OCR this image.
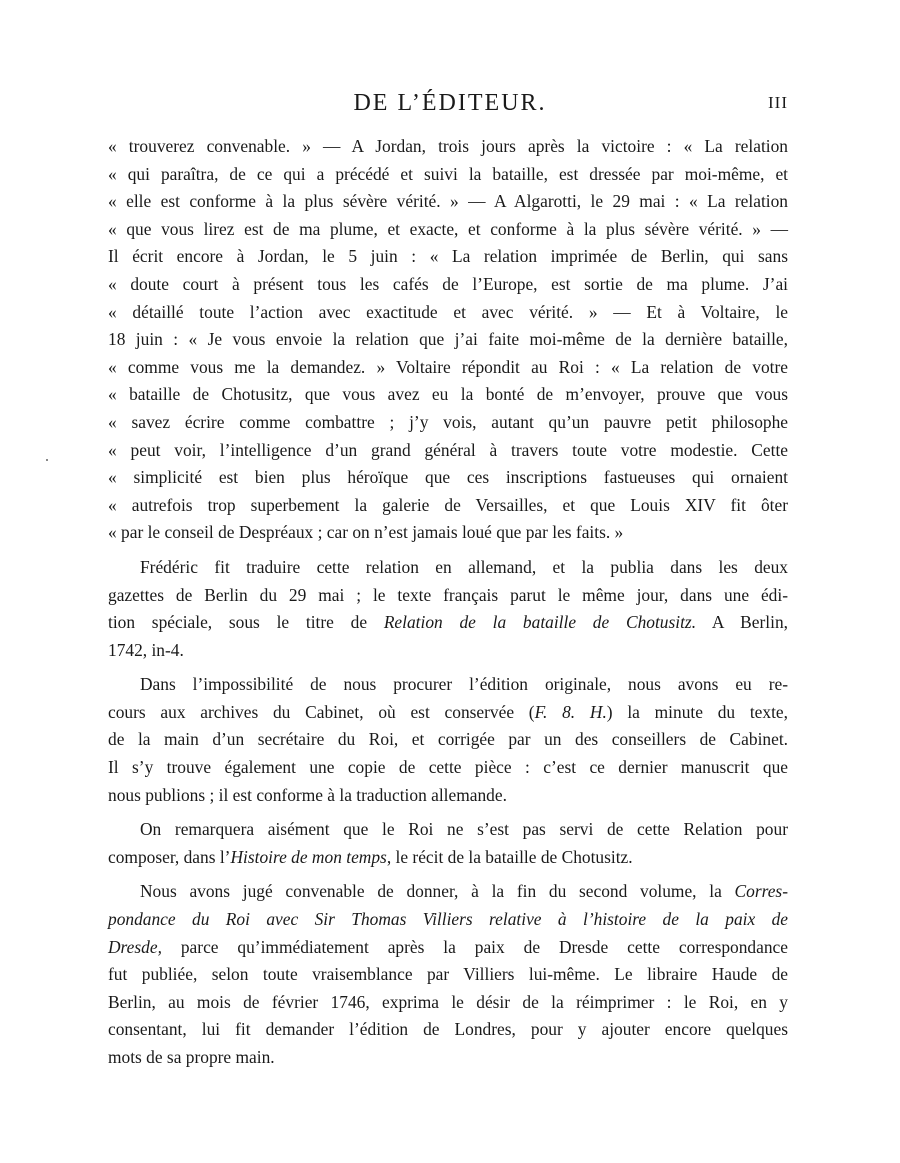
DE L’ÉDITEUR.	III
« trouverez convenable. » — A Jordan, trois jours après la victoire : « La relation
« qui paraîtra, de ce qui a précédé et suivi la bataille, est dressée par moi-même, et
« elle est conforme à la plus sévère vérité. » — A Algarotti, le 29 mai : « La relation
« que vous lirez est de ma plume, et exacte, et conforme à la plus sévère vérité. » —
Il écrit encore à Jordan, le 5 juin : « La relation imprimée de Berlin, qui sans
« doute court à présent tous les cafés de l’Europe, est sortie de ma plume. J’ai
« détaillé toute l’action avec exactitude et avec vérité. » — Et à Voltaire, le
18 juin : « Je vous envoie la relation que j’ai faite moi-même de la dernière bataille,
« comme vous me la demandez. » Voltaire répondit au Roi : « La relation de votre
« bataille de Chotusitz, que vous avez eu la bonté de m’envoyer, prouve que vous
« savez écrire comme combattre ; j’y vois, autant qu’un pauvre petit philosophe
« peut voir, l’intelligence d’un grand général à travers toute votre modestie. Cette
« simplicité est bien plus héroïque que ces inscriptions fastueuses qui ornaient
« autrefois trop superbement la galerie de Versailles, et que Louis XIV fit ôter
« par le conseil de Despréaux ; car on n’est jamais loué que par les faits. »
Frédéric fit traduire cette relation en allemand, et la publia dans les deux
gazettes de Berlin du 29 mai ; le texte français parut le même jour, dans une édi-
tion spéciale, sous le titre de Relation de la bataille de Chotusitz. A Berlin,
1742, in-4.
Dans l’impossibilité de nous procurer l’édition originale, nous avons eu re-
cours aux archives du Cabinet, où est conservée (F. 8. H.) la minute du texte,
de la main d’un secrétaire du Roi, et corrigée par un des conseillers de Cabinet.
Il s’y trouve également une copie de cette pièce : c’est ce dernier manuscrit que
nous publions ; il est conforme à la traduction allemande.
On remarquera aisément que le Roi ne s’est pas servi de cette Relation pour
composer, dans l’Histoire de mon temps, le récit de la bataille de Chotusitz.
Nous avons jugé convenable de donner, à la fin du second volume, la Corres-
pondance du Roi avec Sir Thomas Villiers relative à l’histoire de la paix de
Dresde, parce qu’immédiatement après la paix de Dresde cette correspondance
fut publiée, selon toute vraisemblance par Villiers lui-même. Le libraire Haude de
Berlin, au mois de février 1746, exprima le désir de la réimprimer : le Roi, en y
consentant, lui fit demander l’édition de Londres, pour y ajouter encore quelques
mots de sa propre main.
